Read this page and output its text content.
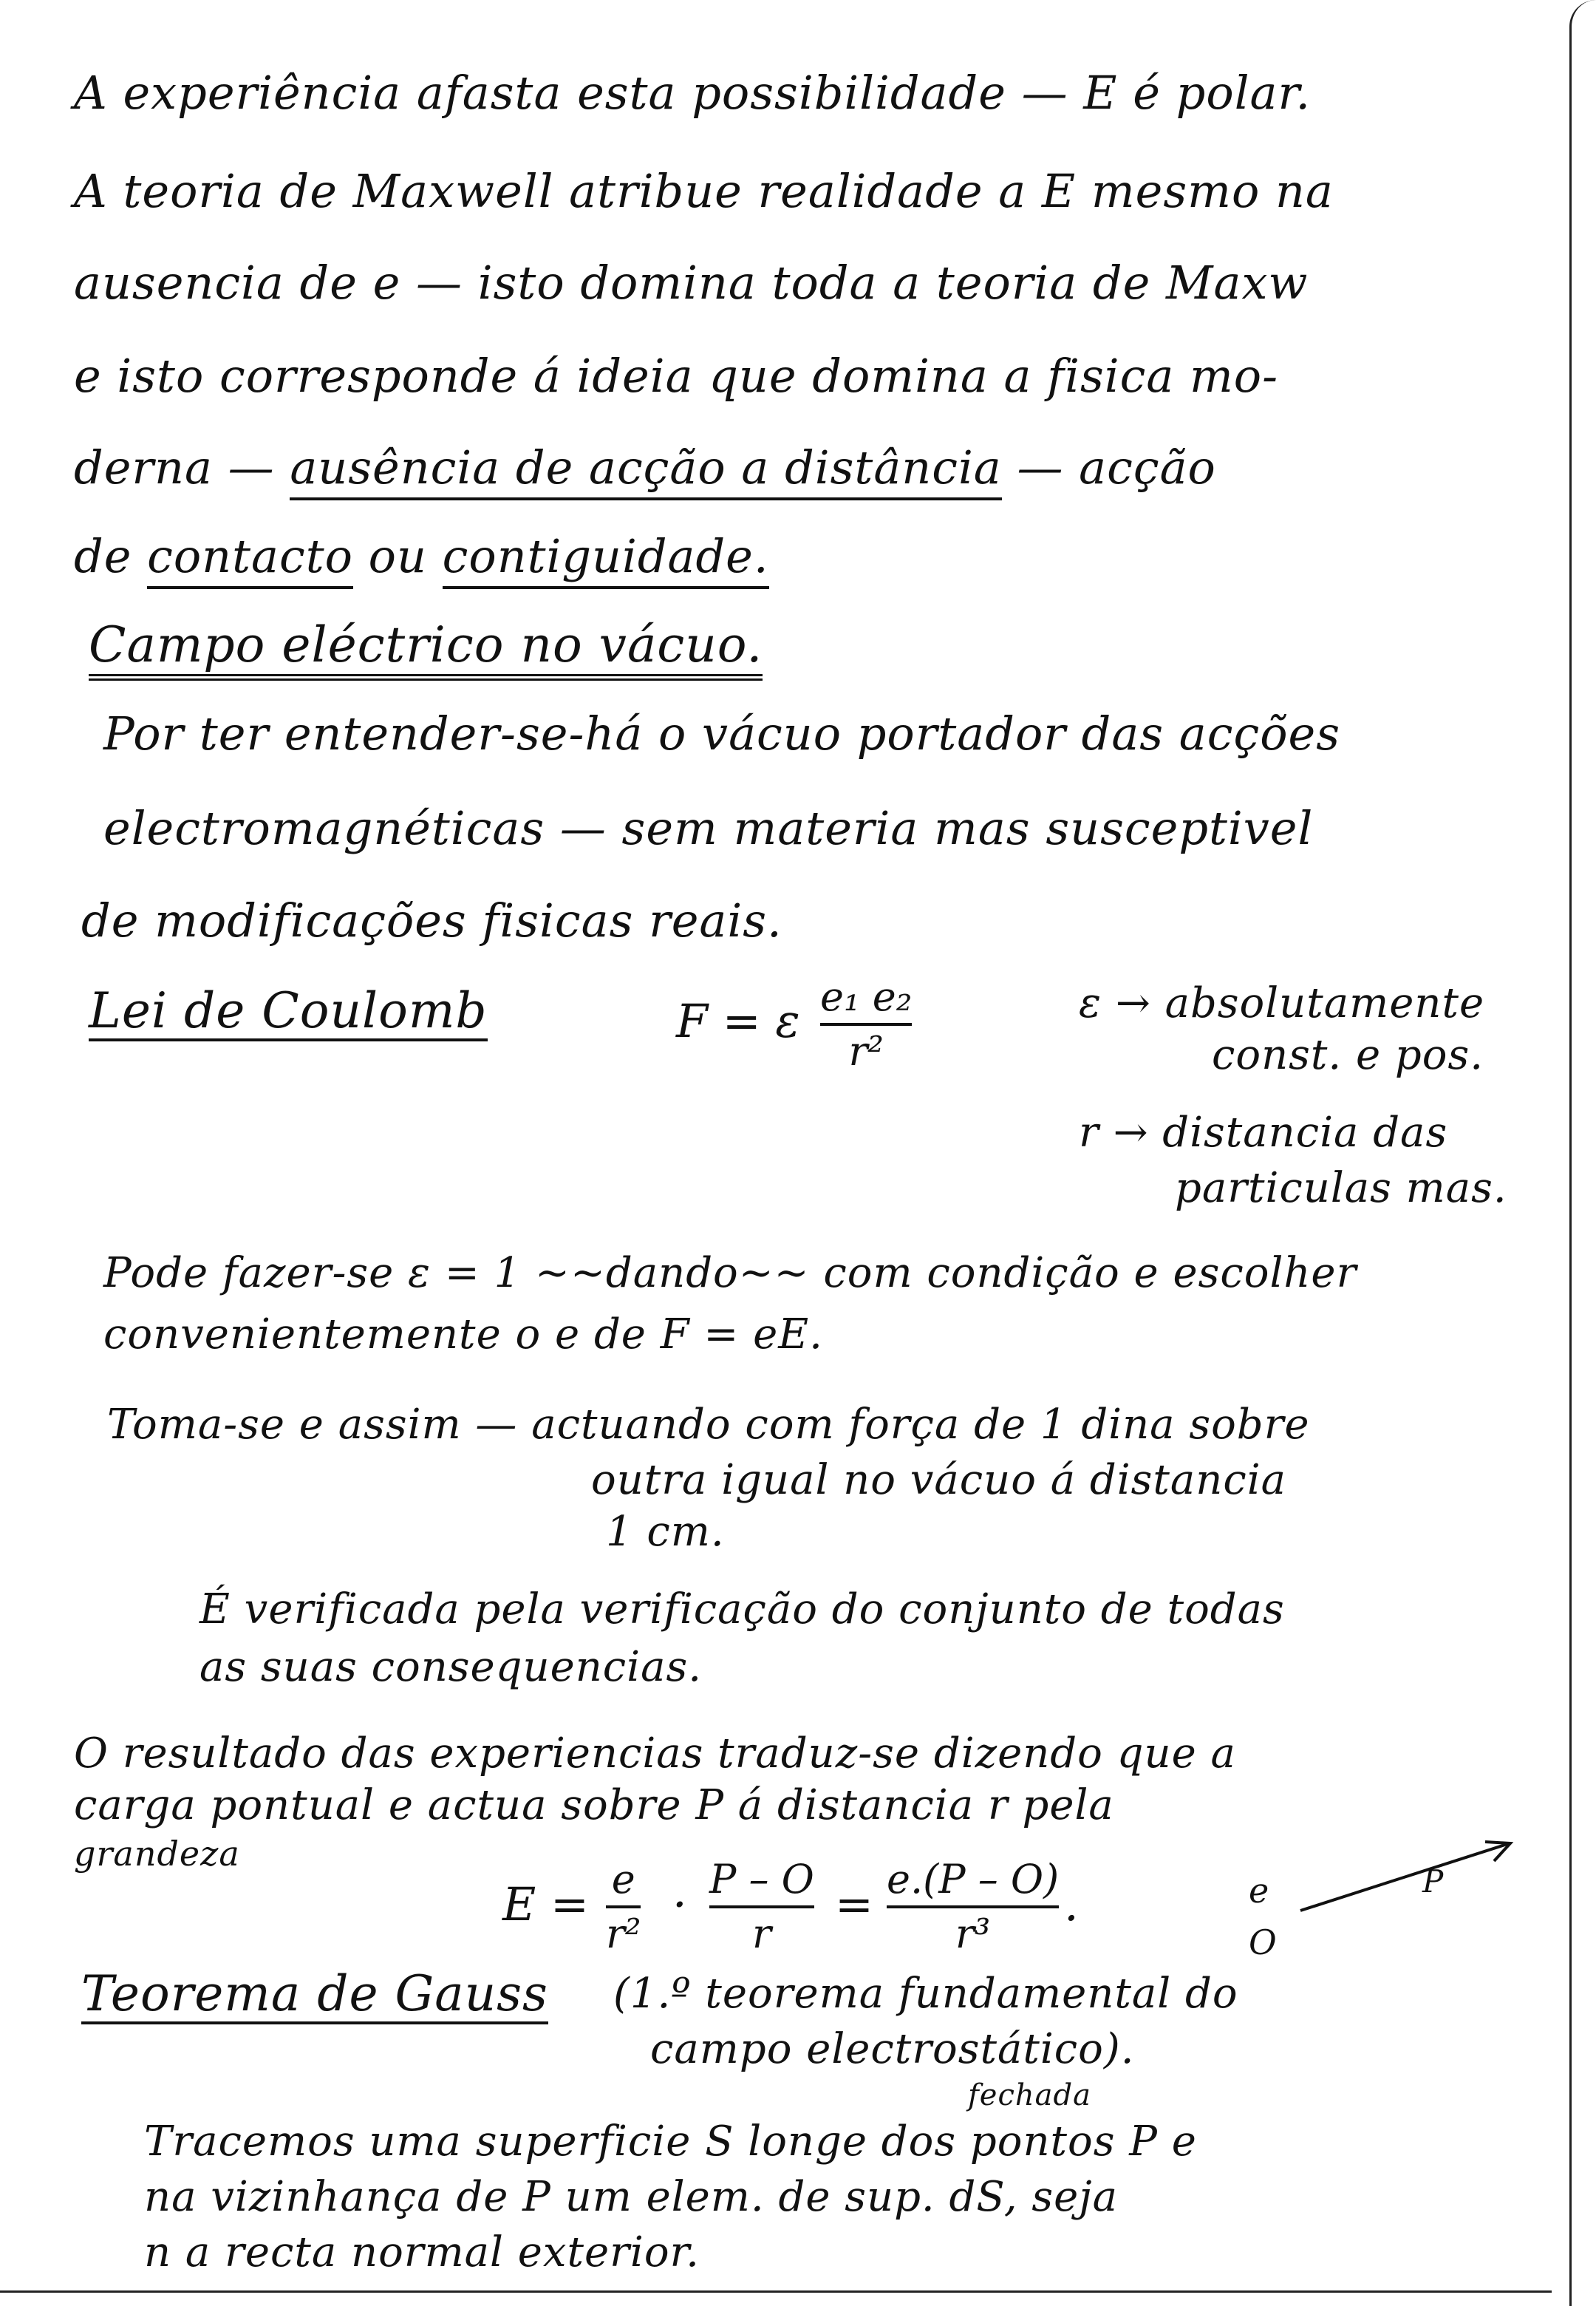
A experiência afasta esta possibilidade — E é polar.
A teoria de Maxwell atribue realidade a E mesmo na
ausencia de e — isto domina toda a teoria de Maxw
e isto corresponde á ideia que domina a fisica mo-
derna — ausência de acção a distância — acção
de contacto ou contiguidade.
Campo eléctrico no vácuo.
Por ter entender-se-há o vácuo portador das acções
electromagnéticas — sem materia mas susceptivel
de modificações fisicas reais.
Lei de Coulomb	F = ε e₁ e₂
r²
ε → absolutamente
const. e pos.
r → distancia das
particulas mas.
Pode fazer-se ε = 1 ~~dando~~ com condição e escolher
convenientemente o e de F = eE.
Toma-se e assim — actuando com força de 1 dina sobre
outra igual no vácuo á distancia
1 cm.
É verificada pela verificação do conjunto de todas
as suas consequencias.
O resultado das experiencias traduz-se dizendo que a
carga pontual e actua sobre P á distancia r pela
grandeza
E = e
r²
· P – O
r
= e.(P – O)
r³
.	e
O
P
Teorema de Gauss (1.º teorema fundamental do
campo electrostático).
fechada
Tracemos uma superficie S longe dos pontos P e
na vizinhança de P um elem. de sup. dS, seja
n a recta normal exterior.
